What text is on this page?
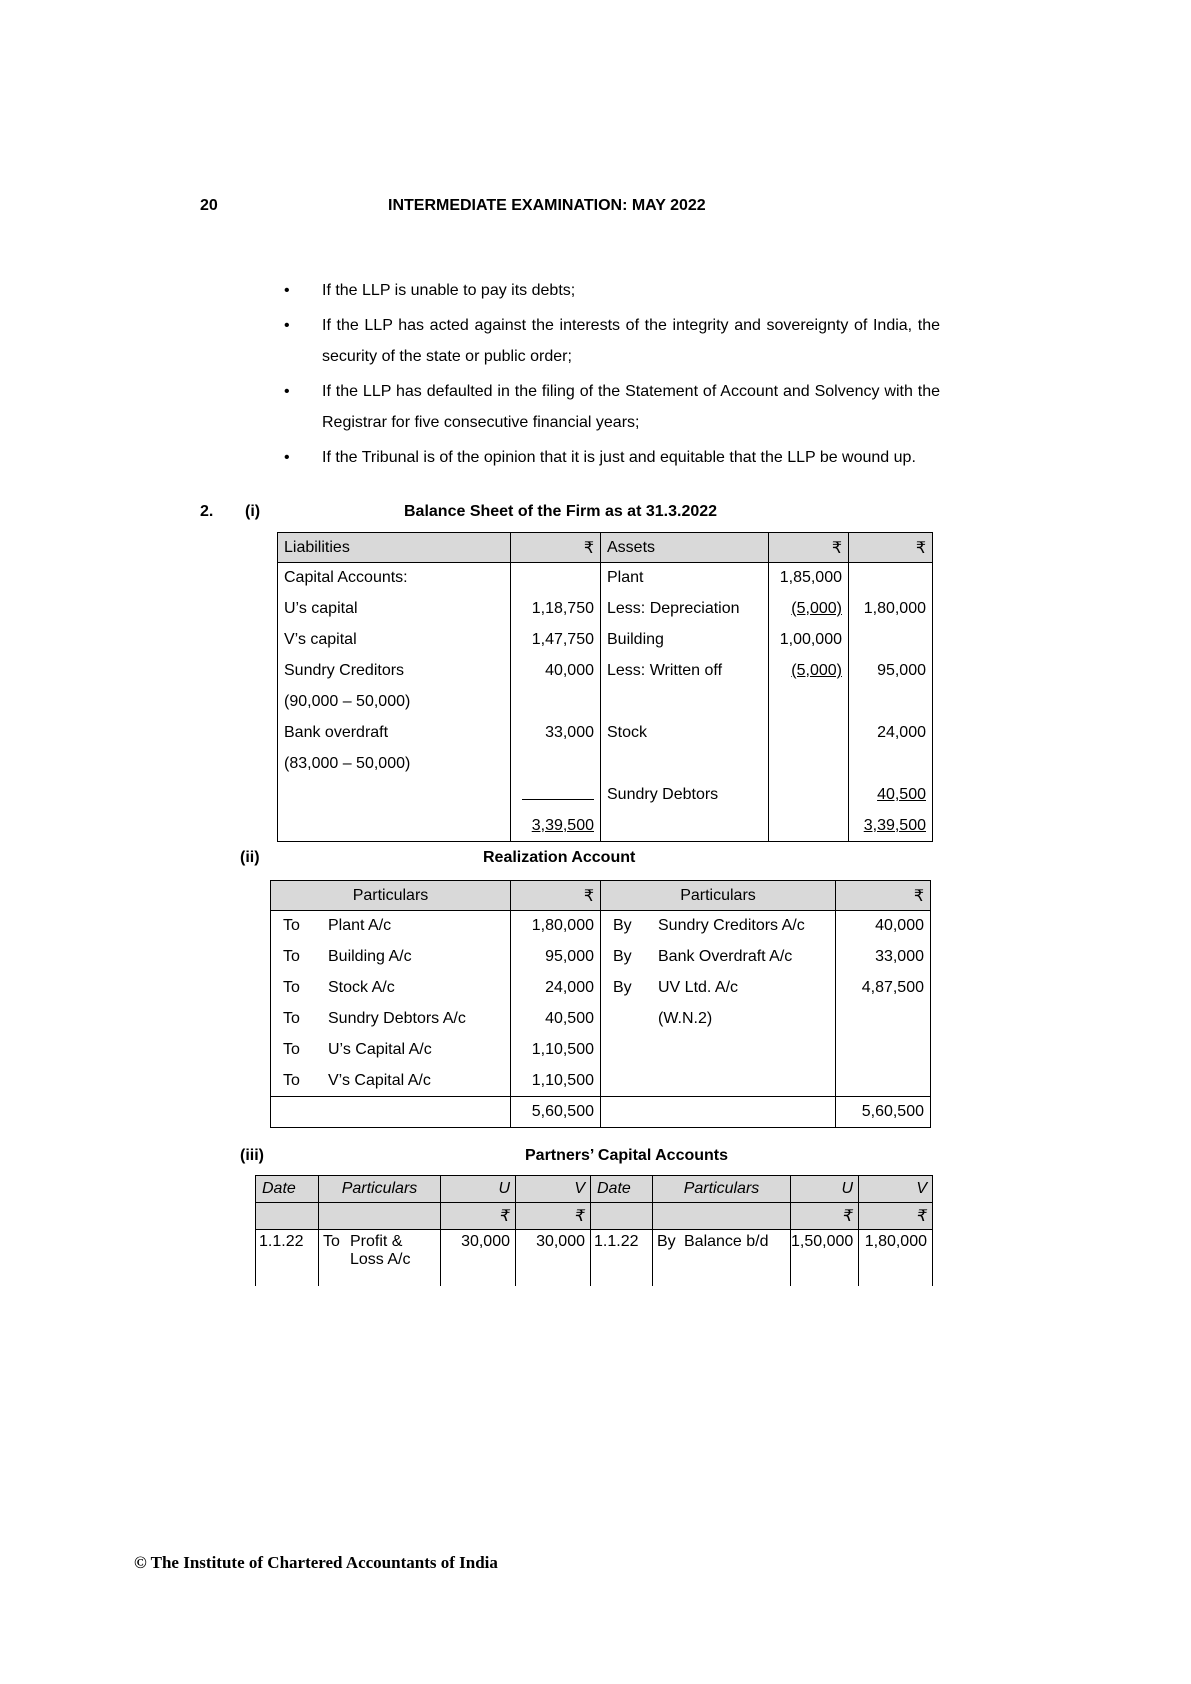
20	INTERMEDIATE EXAMINATION: MAY 2022
• If the LLP is unable to pay its debts;
• If the LLP has acted against the interests of the integrity and sovereignty of India, the security of the state or public order;
• If the LLP has defaulted in the filing of the Statement of Account and Solvency with the Registrar for five consecutive financial years;
• If the Tribunal is of the opinion that it is just and equitable that the LLP be wound up.
2. (i)	Balance Sheet of the Firm as at 31.3.2022
Liabilities	₹	Assets	₹	₹
Capital Accounts:		Plant	1,85,000	
U’s capital	1,18,750	Less: Depreciation	(5,000)	1,80,000
V’s capital	1,47,750	Building	1,00,000	
Sundry Creditors	40,000	Less: Written off	(5,000)	95,000
(90,000 – 50,000)				
Bank overdraft	33,000	Stock		24,000
(83,000 – 50,000)				
		Sundry Debtors		40,500
	3,39,500			3,39,500
(ii)	Realization Account
Particulars	₹	Particulars	₹
To Plant A/c	1,80,000	By Sundry Creditors A/c	40,000
To Building A/c	95,000	By Bank Overdraft A/c	33,000
To Stock A/c	24,000	By UV Ltd. A/c	4,87,500
To Sundry Debtors A/c	40,500	(W.N.2)	
To U’s Capital A/c	1,10,500		
To V’s Capital A/c	1,10,500		
	5,60,500		5,60,500
(iii)	Partners’ Capital Accounts
Date	Particulars	U	V	Date	Particulars	U	V
		₹	₹			₹	₹
1.1.22	To Profit & Loss A/c	30,000	30,000	1.1.22	By Balance b/d	1,50,000	1,80,000
© The Institute of Chartered Accountants of India
